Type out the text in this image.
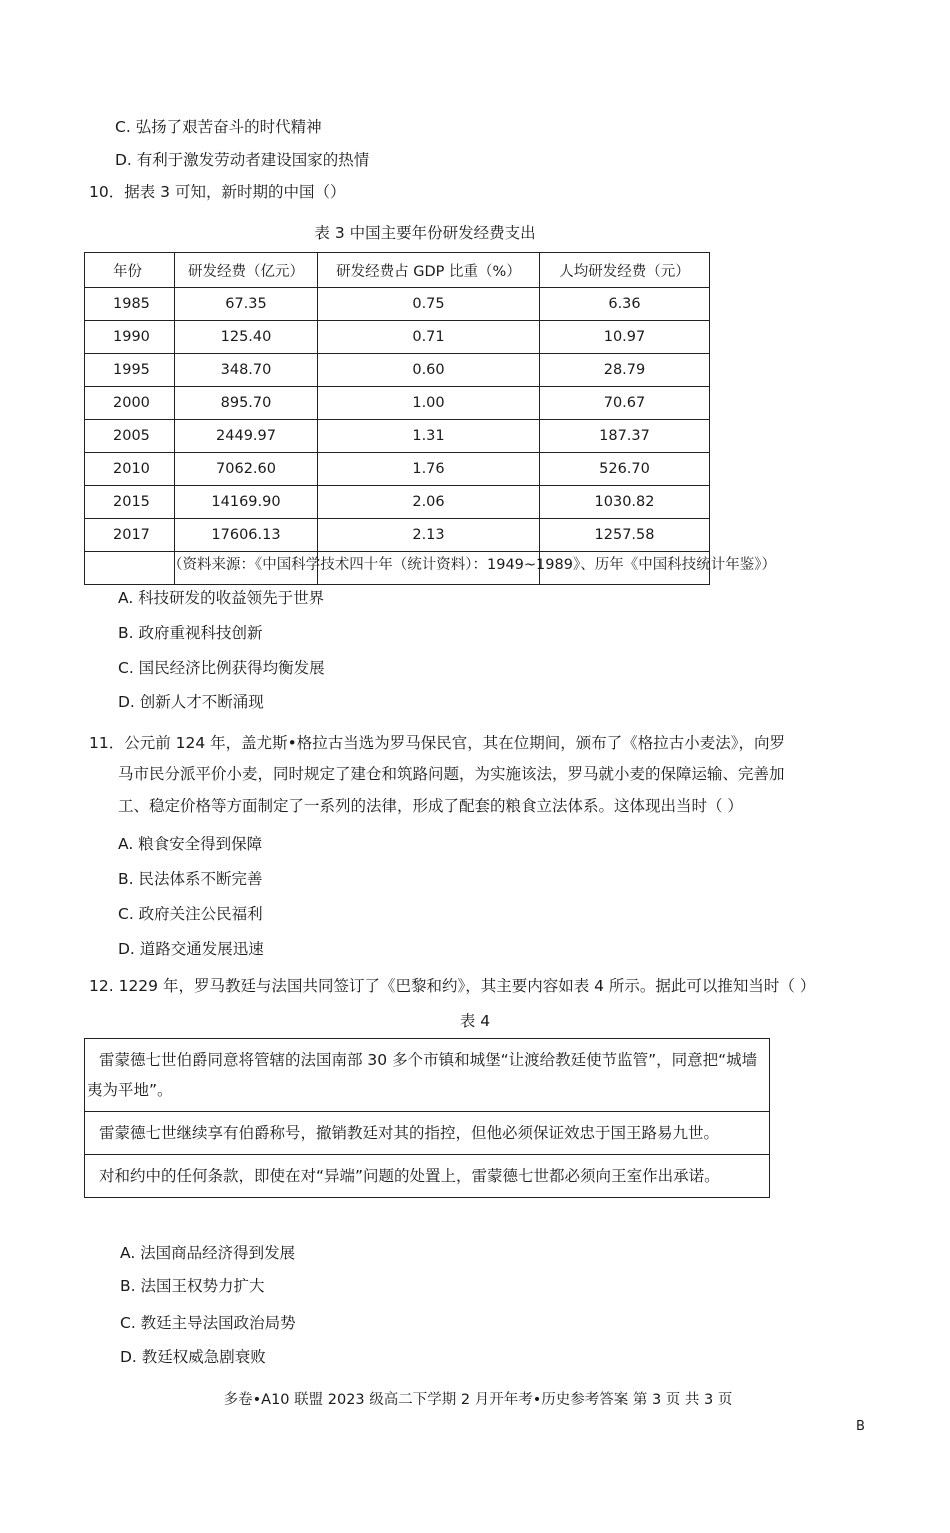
C. 弘扬了艰苦奋斗的时代精神
D. 有利于激发劳动者建设国家的热情
10．据表 3 可知，新时期的中国（）
表 3 中国主要年份研发经费支出
年份	研发经费（亿元）	研发经费占 GDP 比重（%）	人均研发经费（元）
1985	67.35	0.75	6.36
1990	125.40	0.71	10.97
1995	348.70	0.60	28.79
2000	895.70	1.00	70.67
2005	2449.97	1.31	187.37
2010	7062.60	1.76	526.70
2015	14169.90	2.06	1030.82
2017	17606.13	2.13	1257.58

（资料来源：《中国科学技术四十年（统计资料）：1949~1989》、历年《中国科技统计年鉴》）
A. 科技研发的收益领先于世界
B. 政府重视科技创新
C. 国民经济比例获得均衡发展
D. 创新人才不断涌现
11．公元前 124 年，盖尤斯•格拉古当选为罗马保民官，其在位期间，颁布了《格拉古小麦法》，向罗
马市民分派平价小麦，同时规定了建仓和筑路问题，为实施该法，罗马就小麦的保障运输、完善加
工、稳定价格等方面制定了一系列的法律，形成了配套的粮食立法体系。这体现出当时（ ）
A. 粮食安全得到保障
B. 民法体系不断完善
C. 政府关注公民福利
D. 道路交通发展迅速
12. 1229 年，罗马教廷与法国共同签订了《巴黎和约》，其主要内容如表 4 所示。据此可以推知当时（ ）
表 4
雷蒙德七世伯爵同意将管辖的法国南部 30 多个市镇和城堡“让渡给教廷使节监管”，同意把“城墙夷为平地”。
雷蒙德七世继续享有伯爵称号，撤销教廷对其的指控，但他必须保证效忠于国王路易九世。
对和约中的任何条款，即使在对“异端”问题的处置上，雷蒙德七世都必须向王室作出承诺。
A. 法国商品经济得到发展
B. 法国王权势力扩大
C. 教廷主导法国政治局势
D. 教廷权威急剧衰败
多卷•A10 联盟 2023 级高二下学期 2 月开年考•历史参考答案 第 3 页 共 3 页
B
